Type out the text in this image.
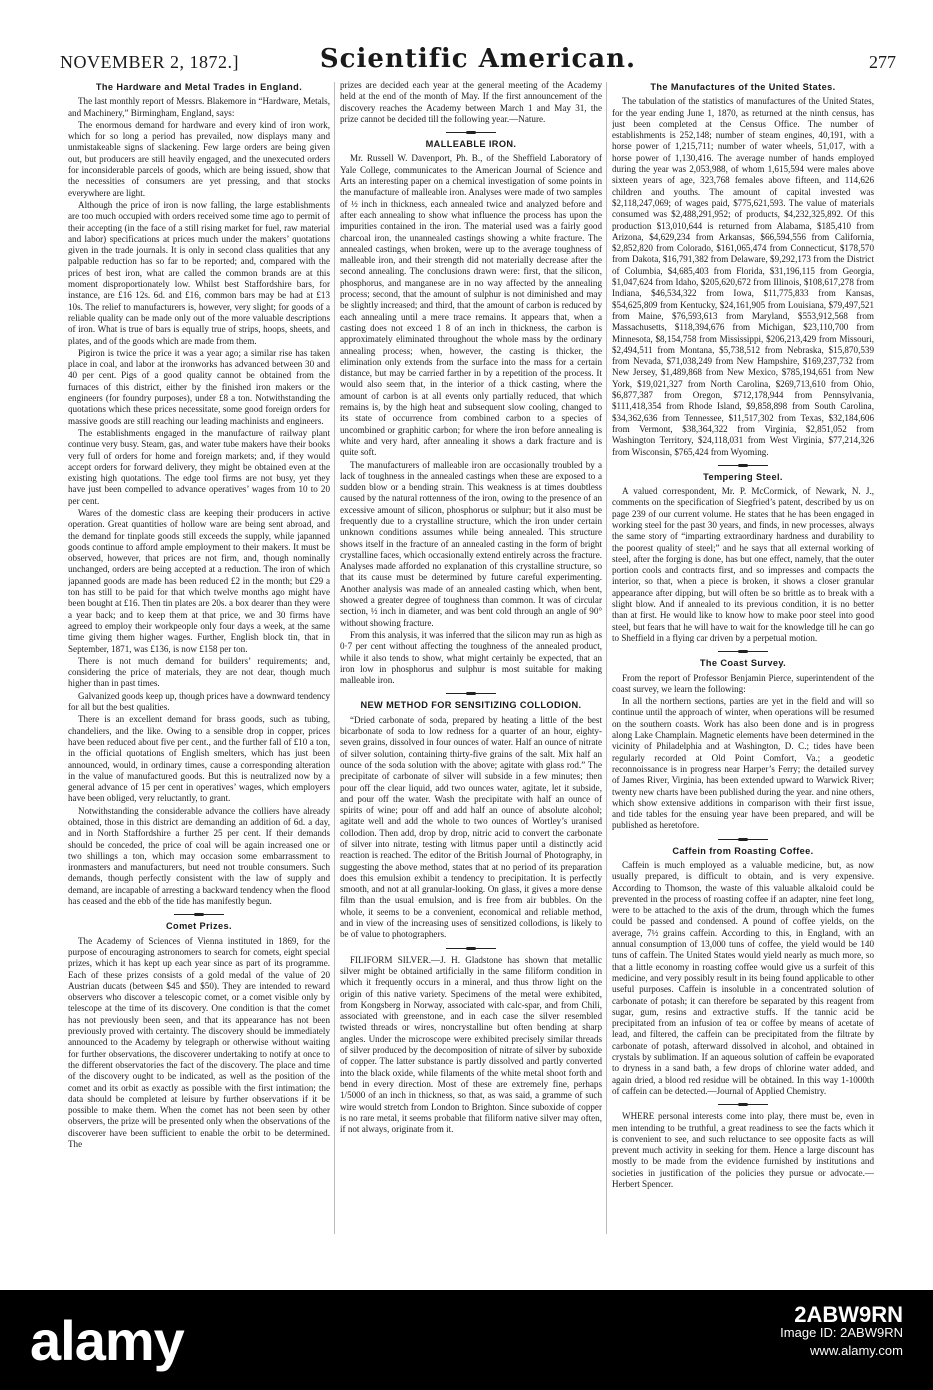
NOVEMBER 2, 1872.]	Scientific American.	277
The Hardware and Metal Trades in England.

The last monthly report of Messrs. Blakemore in “Hardware, Metals, and Machinery,” Birmingham, England, says:

The enormous demand for hardware and every kind of iron work, which for so long a period has prevailed, now displays many and unmistakeable signs of slackening. Few large orders are being given out, but producers are still heavily engaged, and the unexecuted orders for inconsiderable parcels of goods, which are being issued, show that the necessities of consumers are yet pressing, and that stocks everywhere are light.

Although the price of iron is now falling, the large establishments are too much occupied with orders received some time ago to permit of their accepting (in the face of a still rising market for fuel, raw material and labor) specifications at prices much under the makers’ quotations given in the trade journals. It is only in second class qualities that any palpable reduction has so far to be reported; and, compared with the prices of best iron, what are called the common brands are at this moment disproportionately low. Whilst best Staffordshire bars, for instance, are £16 12s. 6d. and £16, common bars may be had at £13 10s. The relief to manufacturers is, however, very slight; for goods of a reliable quality can be made only out of the more valuable descriptions of iron. What is true of bars is equally true of strips, hoops, sheets, and plates, and of the goods which are made from them.

Pigiron is twice the price it was a year ago; a similar rise has taken place in coal, and labor at the ironworks has advanced between 30 and 40 per cent. Pigs of a good quality cannot be obtained from the furnaces of this district, either by the finished iron makers or the engineers (for foundry purposes), under £8 a ton. Notwithstanding the quotations which these prices necessitate, some good foreign orders for massive goods are still reaching our leading machinists and engineers.

The establishments engaged in the manufacture of railway plant continue very busy. Steam, gas, and water tube makers have their books very full of orders for home and foreign markets; and, if they would accept orders for forward delivery, they might be obtained even at the existing high quotations. The edge tool firms are not busy, yet they have just been compelled to advance operatives’ wages from 10 to 20 per cent.

Wares of the domestic class are keeping their producers in active operation. Great quantities of hollow ware are being sent abroad, and the demand for tinplate goods still exceeds the supply, while japanned goods continue to afford ample employment to their makers. It must be observed, however, that prices are not firm, and, though nominally unchanged, orders are being accepted at a reduction. The iron of which japanned goods are made has been reduced £2 in the month; but £29 a ton has still to be paid for that which twelve months ago might have been bought at £16. Then tin plates are 20s. a box dearer than they were a year back; and to keep them at that price, we and 30 firms have agreed to employ their workpeople only four days a week, at the same time giving them higher wages. Further, English block tin, that in September, 1871, was £136, is now £158 per ton.

There is not much demand for builders’ requirements; and, considering the price of materials, they are not dear, though much higher than in past times.

Galvanized goods keep up, though prices have a downward tendency for all but the best qualities.

There is an excellent demand for brass goods, such as tubing, chandeliers, and the like. Owing to a sensible drop in copper, prices have been reduced about five per cent., and the further fall of £10 a ton, in the official quotations of English smelters, which has just been announced, would, in ordinary times, cause a corresponding alteration in the value of manufactured goods. But this is neutralized now by a general advance of 15 per cent in operatives’ wages, which employers have been obliged, very reluctantly, to grant.

Notwithstanding the considerable advance the colliers have already obtained, those in this district are demanding an addition of 6d. a day, and in North Staffordshire a further 25 per cent. If their demands should be conceded, the price of coal will be again increased one or two shillings a ton, which may occasion some embarrassment to ironmasters and manufacturers, but need not trouble consumers. Such demands, though perfectly consistent with the law of supply and demand, are incapable of arresting a backward tendency when the flood has ceased and the ebb of the tide has manifestly begun.

Comet Prizes.

The Academy of Sciences of Vienna instituted in 1869, for the purpose of encouraging astronomers to search for comets, eight special prizes, which it has kept up each year since as part of its programme. Each of these prizes consists of a gold medal of the value of 20 Austrian ducats (between $45 and $50). They are intended to reward observers who discover a telescopic comet, or a comet visible only by telescope at the time of its discovery. One condition is that the comet has not previously been seen, and that its appearance has not been previously proved with certainty. The discovery should be immediately announced to the Academy by telegraph or otherwise without waiting for further observations, the discoverer undertaking to notify at once to the different observatories the fact of the discovery. The place and time of the discovery ought to be indicated, as well as the position of the comet and its orbit as exactly as possible with the first intimation; the data should be completed at leisure by further observations if it be possible to make them. When the comet has not been seen by other observers, the prize will be presented only when the observations of the discoverer have been sufficient to enable the orbit to be determined. The

prizes are decided each year at the general meeting of the Academy held at the end of the month of May. If the first announcement of the discovery reaches the Academy between March 1 and May 31, the prize cannot be decided till the following year.—Nature.

MALLEABLE IRON.

Mr. Russell W. Davenport, Ph. B., of the Sheffield Laboratory of Yale College, communicates to the American Journal of Science and Arts an interesting paper on a chemical investigation of some points in the manufacture of malleable iron. Analyses were made of two samples of ½ inch in thickness, each annealed twice and analyzed before and after each annealing to show what influence the process has upon the impurities contained in the iron. The material used was a fairly good charcoal iron, the unannealed castings showing a white fracture. The annealed castings, when broken, were up to the average toughness of malleable iron, and their strength did not materially decrease after the second annealing. The conclusions drawn were: first, that the silicon, phosphorus, and manganese are in no way affected by the annealing process; second, that the amount of sulphur is not diminished and may be slightly increased; and third, that the amount of carbon is reduced by each annealing until a mere trace remains. It appears that, when a casting does not exceed 1 8 of an inch in thickness, the carbon is approximately eliminated throughout the whole mass by the ordinary annealing process; when, however, the casting is thicker, the elimination only extends from the surface into the mass for a certain distance, but may be carried farther in by a repetition of the process. It would also seem that, in the interior of a thick casting, where the amount of carbon is at all events only partially reduced, that which remains is, by the high heat and subsequent slow cooling, changed to its state of occurrence from combined carbon to a species of uncombined or graphitic carbon; for where the iron before annealing is white and very hard, after annealing it shows a dark fracture and is quite soft.

The manufacturers of malleable iron are occasionally troubled by a lack of toughness in the annealed castings when these are exposed to a sudden blow or a bending strain. This weakness is at times doubtless caused by the natural rottenness of the iron, owing to the presence of an excessive amount of silicon, phosphorus or sulphur; but it also must be frequently due to a crystalline structure, which the iron under certain unknown conditions assumes while being annealed. This structure shows itself in the fracture of an annealed casting in the form of bright crystalline faces, which occasionally extend entirely across the fracture. Analyses made afforded no explanation of this crystalline structure, so that its cause must be determined by future careful experimenting. Another analysis was made of an annealed casting which, when bent, showed a greater degree of toughness than common. It was of circular section, ½ inch in diameter, and was bent cold through an angle of 90° without showing fracture.

From this analysis, it was inferred that the silicon may run as high as 0·7 per cent without affecting the toughness of the annealed product, while it also tends to show, what might certainly be expected, that an iron low in phosphorus and sulphur is most suitable for making malleable iron.

NEW METHOD FOR SENSITIZING COLLODION.

“Dried carbonate of soda, prepared by heating a little of the best bicarbonate of soda to low redness for a quarter of an hour, eighty-seven grains, dissolved in four ounces of water. Half an ounce of nitrate of silver solution, containing thirty-five grains of the salt. Mix half an ounce of the soda solution with the above; agitate with glass rod.” The precipitate of carbonate of silver will subside in a few minutes; then pour off the clear liquid, add two ounces water, agitate, let it subside, and pour off the water. Wash the precipitate with half an ounce of spirits of wine; pour off and add half an ounce of absolute alcohol; agitate well and add the whole to two ounces of Wortley’s uranised collodion. Then add, drop by drop, nitric acid to convert the carbonate of silver into nitrate, testing with litmus paper until a distinctly acid reaction is reached. The editor of the British Journal of Photography, in suggesting the above method, states that at no period of its preparation does this emulsion exhibit a tendency to precipitation. It is perfectly smooth, and not at all granular-looking. On glass, it gives a more dense film than the usual emulsion, and is free from air bubbles. On the whole, it seems to be a convenient, economical and reliable method, and in view of the increasing uses of sensitized collodions, is likely to be of value to photographers.

FILIFORM SILVER.—J. H. Gladstone has shown that metallic silver might be obtained artificially in the same filiform condition in which it frequently occurs in a mineral, and thus throw light on the origin of this native variety. Specimens of the metal were exhibited, from Kongsberg in Norway, associated with calc-spar, and from Chili, associated with greenstone, and in each case the silver resembled twisted threads or wires, noncrystalline but often bending at sharp angles. Under the microscope were exhibited precisely similar threads of silver produced by the decomposition of nitrate of silver by suboxide of copper. The latter substance is partly dissolved and partly converted into the black oxide, while filaments of the white metal shoot forth and bend in every direction. Most of these are extremely fine, perhaps 1/5000 of an inch in thickness, so that, as was said, a gramme of such wire would stretch from London to Brighton. Since suboxide of copper is no rare metal, it seems probable that filiform native silver may often, if not always, originate from it.

The Manufactures of the United States.

The tabulation of the statistics of manufactures of the United States, for the year ending June 1, 1870, as returned at the ninth census, has just been completed at the Census Office. The number of establishments is 252,148; number of steam engines, 40,191, with a horse power of 1,215,711; number of water wheels, 51,017, with a horse power of 1,130,416. The average number of hands employed during the year was 2,053,988, of whom 1,615,594 were males above sixteen years of age, 323,768 females above fifteen, and 114,626 children and youths. The amount of capital invested was $2,118,247,069; of wages paid, $775,621,593. The value of materials consumed was $2,488,291,952; of products, $4,232,325,892. Of this production $13,010,644 is returned from Alabama, $185,410 from Arizona, $4,629,234 from Arkansas, $66,594,556 from California, $2,852,820 from Colorado, $161,065,474 from Connecticut, $178,570 from Dakota, $16,791,382 from Delaware, $9,292,173 from the District of Columbia, $4,685,403 from Florida, $31,196,115 from Georgia, $1,047,624 from Idaho, $205,620,672 from Illinois, $108,617,278 from Indiana, $46,534,322 from Iowa, $11,775,833 from Kansas, $54,625,809 from Kentucky, $24,161,905 from Louisiana, $79,497,521 from Maine, $76,593,613 from Maryland, $553,912,568 from Massachusetts, $118,394,676 from Michigan, $23,110,700 from Minnesota, $8,154,758 from Mississippi, $206,213,429 from Missouri, $2,494,511 from Montana, $5,738,512 from Nebraska, $15,870,539 from Nevada, $71,038,249 from New Hampshire, $169,237,732 from New Jersey, $1,489,868 from New Mexico, $785,194,651 from New York, $19,021,327 from North Carolina, $269,713,610 from Ohio, $6,877,387 from Oregon, $712,178,944 from Pennsylvania, $111,418,354 from Rhode Island, $9,858,898 from South Carolina, $34,362,636 from Tennessee, $11,517,302 from Texas, $32,184,606 from Vermont, $38,364,322 from Virginia, $2,851,052 from Washington Territory, $24,118,031 from West Virginia, $77,214,326 from Wisconsin, $765,424 from Wyoming.

Tempering Steel.

A valued correspondent, Mr. P. McCormick, of Newark, N. J., comments on the specification of Siegfried’s patent, described by us on page 239 of our current volume. He states that he has been engaged in working steel for the past 30 years, and finds, in new processes, always the same story of “imparting extraordinary hardness and durability to the poorest quality of steel;” and he says that all external working of steel, after the forging is done, has but one effect, namely, that the outer portion cools and contracts first, and so impresses and compacts the interior, so that, when a piece is broken, it shows a closer granular appearance after dipping, but will often be so brittle as to break with a slight blow. And if annealed to its previous condition, it is no better than at first. He would like to know how to make poor steel into good steel, but fears that he will have to wait for the knowledge till he can go to Sheffield in a flying car driven by a perpetual motion.

The Coast Survey.

From the report of Professor Benjamin Pierce, superintendent of the coast survey, we learn the following:

In all the northern sections, parties are yet in the field and will so continue until the approach of winter, when operations will be resumed on the southern coasts. Work has also been done and is in progress along Lake Champlain. Magnetic elements have been determined in the vicinity of Philadelphia and at Washington, D. C.; tides have been regularly recorded at Old Point Comfort, Va.; a geodetic reconnoissance is in progress near Harper’s Ferry; the detailed survey of James River, Virginia, has been extended upward to Warwick River; twenty new charts have been published during the year. and nine others, which show extensive additions in comparison with their first issue, and tide tables for the ensuing year have been prepared, and will be published as heretofore.

Caffein from Roasting Coffee.

Caffein is much employed as a valuable medicine, but, as now usually prepared, is difficult to obtain, and is very expensive. According to Thomson, the waste of this valuable alkaloid could be prevented in the process of roasting coffee if an adapter, nine feet long, were to be attached to the axis of the drum, through which the fumes could be passed and condensed. A pound of coffee yields, on the average, 7½ grains caffein. According to this, in England, with an annual consumption of 13,000 tuns of coffee, the yield would be 140 tuns of caffein. The United States would yield nearly as much more, so that a little economy in roasting coffee would give us a surfeit of this medicine, and very possibly result in its being found applicable to other useful purposes. Caffein is insoluble in a concentrated solution of carbonate of potash; it can therefore be separated by this reagent from sugar, gum, resins and extractive stuffs. If the tannic acid be precipitated from an infusion of tea or coffee by means of acetate of lead, and filtered, the caffein can be precipitated from the filtrate by carbonate of potash, afterward dissolved in alcohol, and obtained in crystals by sublimation. If an aqueous solution of caffein be evaporated to dryness in a sand bath, a few drops of chlorine water added, and again dried, a blood red residue will be obtained. In this way 1-1000th of caffein can be detected.—Journal of Applied Chemistry.

WHERE personal interests come into play, there must be, even in men intending to be truthful, a great readiness to see the facts which it is convenient to see, and such reluctance to see opposite facts as will prevent much activity in seeking for them. Hence a large discount has mostly to be made from the evidence furnished by institutions and societies in justification of the policies they pursue or advocate.—Herbert Spencer.

alamy	2ABW9RN
Image ID: 2ABW9RN
www.alamy.com
